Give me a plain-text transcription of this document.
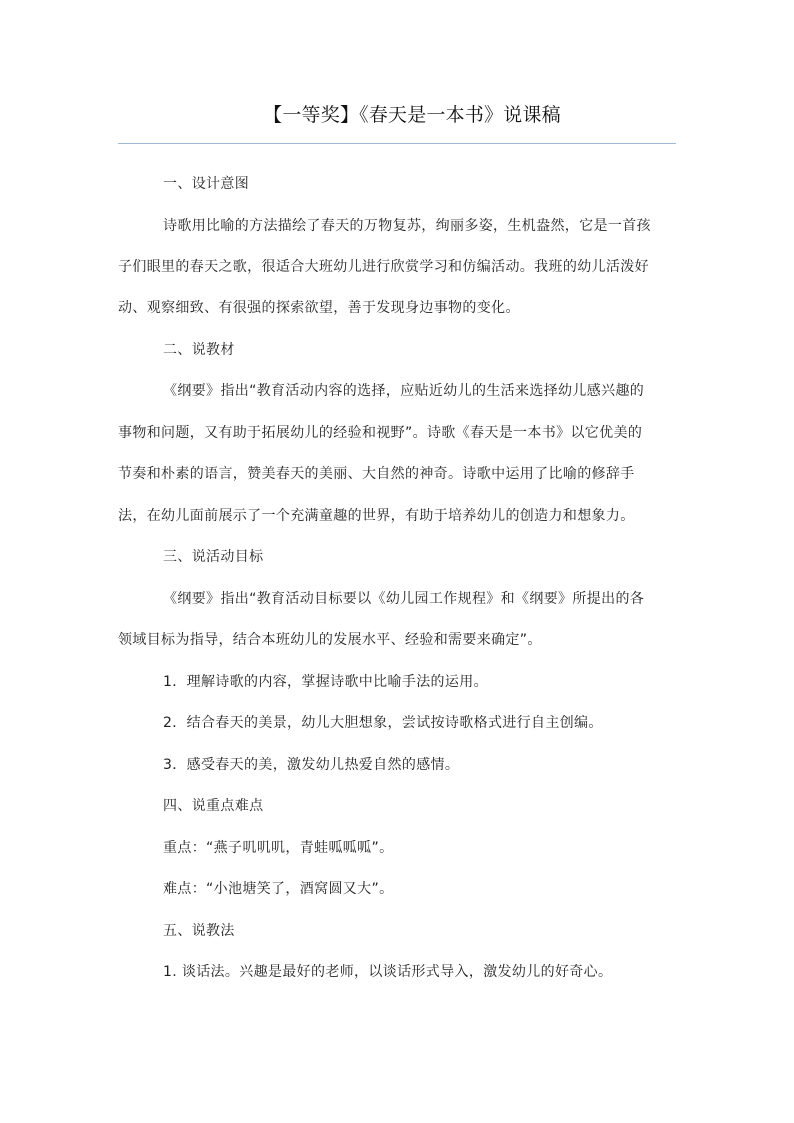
【一等奖】《春天是一本书》说课稿
一、设计意图
诗歌用比喻的方法描绘了春天的万物复苏，绚丽多姿，生机盎然，它是一首孩
子们眼里的春天之歌，很适合大班幼儿进行欣赏学习和仿编活动。我班的幼儿活泼好
动、观察细致、有很强的探索欲望，善于发现身边事物的变化。
二、说教材
《纲要》指出“教育活动内容的选择，应贴近幼儿的生活来选择幼儿感兴趣的
事物和问题，又有助于拓展幼儿的经验和视野”。诗歌《春天是一本书》以它优美的
节奏和朴素的语言，赞美春天的美丽、大自然的神奇。诗歌中运用了比喻的修辞手
法，在幼儿面前展示了一个充满童趣的世界，有助于培养幼儿的创造力和想象力。
三、说活动目标
《纲要》指出“教育活动目标要以《幼儿园工作规程》和《纲要》所提出的各
领域目标为指导，结合本班幼儿的发展水平、经验和需要来确定”。
1．理解诗歌的内容，掌握诗歌中比喻手法的运用。
2．结合春天的美景，幼儿大胆想象，尝试按诗歌格式进行自主创编。
3．感受春天的美，激发幼儿热爱自然的感情。
四、说重点难点
重点：“燕子叽叽叽，青蛙呱呱呱”。
难点：“小池塘笑了，酒窝圆又大”。
五、说教法
1. 谈话法。兴趣是最好的老师，以谈话形式导入，激发幼儿的好奇心。
